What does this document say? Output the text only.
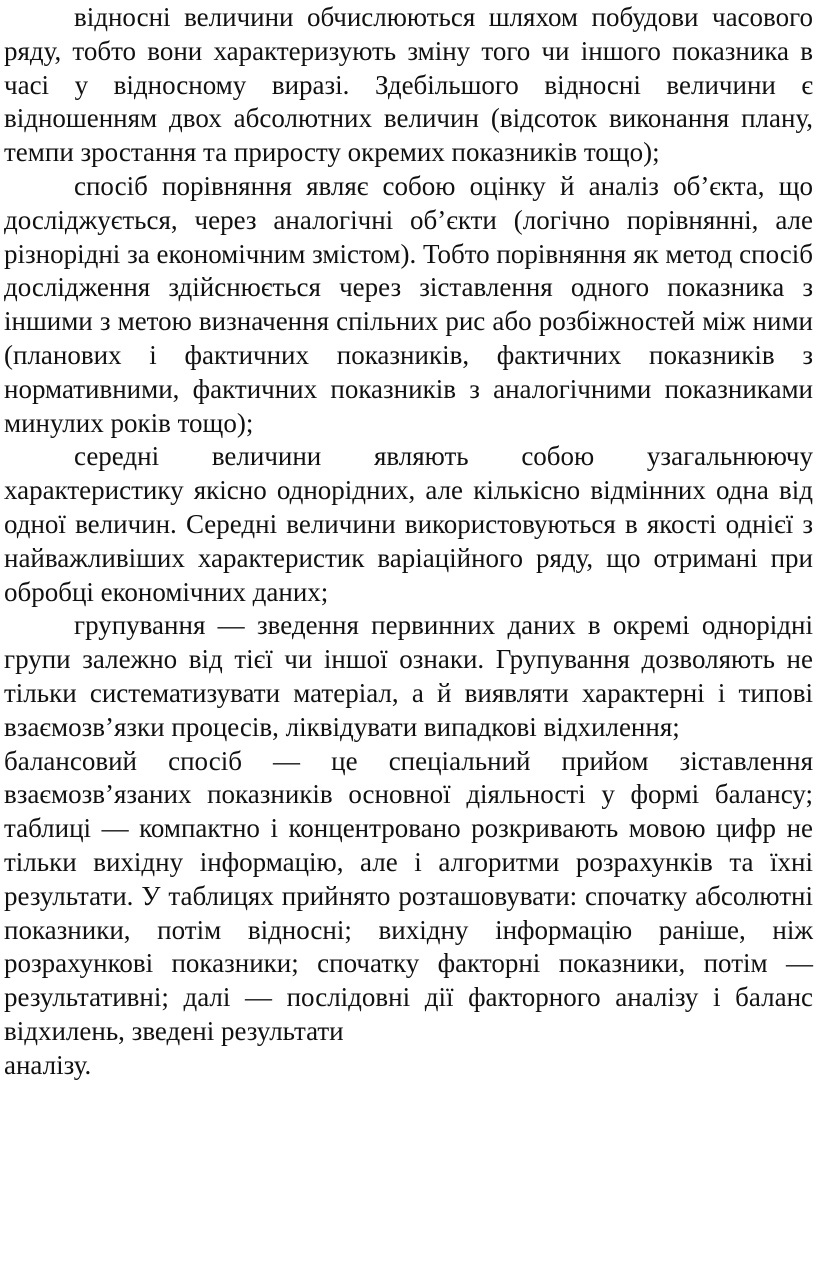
відносні величини обчислюються шляхом побудови часового ряду, тобто вони характеризують зміну того чи іншого показника в часі у відносному виразі. Здебільшого відносні величини є відношенням двох абсолютних величин (відсоток виконання плану, темпи зростання та приросту окремих показників тощо);

спосіб порівняння являє собою оцінку й аналіз об’єкта, що досліджується, через аналогічні об’єкти (логічно порівнянні, але різнорідні за економічним змістом). Тобто порівняння як метод спосіб дослідження здійснюється через зіставлення одного показника з іншими з метою визначення спільних рис або розбіжностей між ними (планових і фактичних показників, фактичних показників з нормативними, фактичних показників з аналогічними показниками минулих років тощо);

середні величини являють собою узагальнюючу характеристику якісно однорідних, але кількісно відмінних одна від одної величин. Середні величини використовуються в якості однієї з найважливіших характеристик варіаційного ряду, що отримані при обробці економічних даних;

групування — зведення первинних даних в окремі однорідні групи залежно від тієї чи іншої ознаки. Групування дозволяють не тільки систематизувати матеріал, а й виявляти характерні і типові взаємозв’язки процесів, ліквідувати випадкові відхилення;

балансовий спосіб — це спеціальний прийом зіставлення взаємозв’язаних показників основної діяльності у формі балансу; таблиці — компактно і концентровано розкривають мовою цифр не тільки вихідну інформацію, але і алгоритми розрахунків та їхні результати. У таблицях прийнято розташовувати: спочатку абсолютні показники, потім відносні; вихідну інформацію раніше, ніж розрахункові показники; спочатку факторні показники, потім — результативні; далі — послідовні дії факторного аналізу і баланс відхилень, зведені результати

аналізу.
